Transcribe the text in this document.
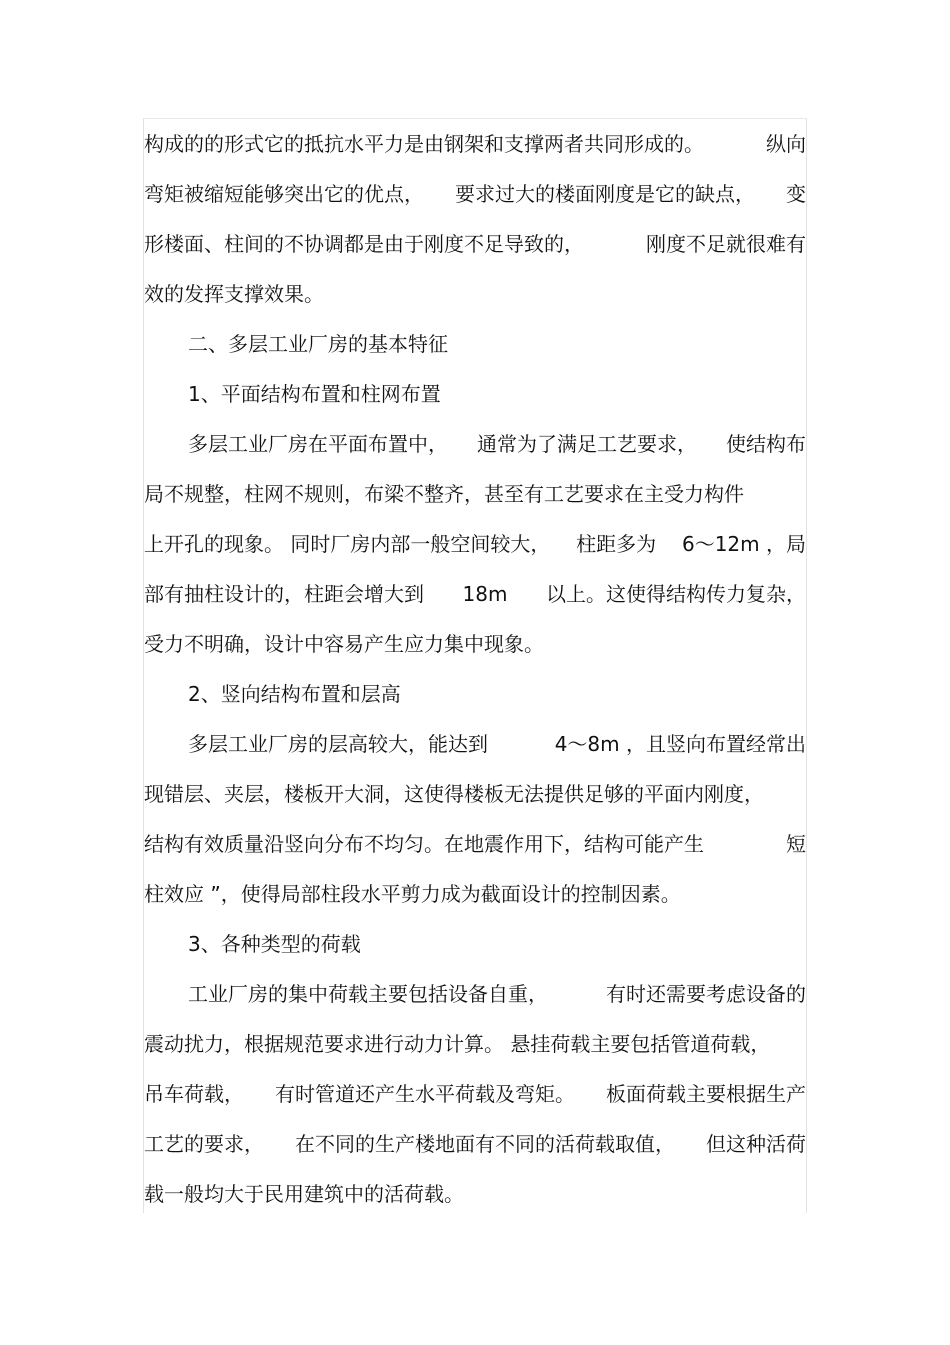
构成的的形式它的抵抗水平力是由钢架和支撑两者共同形成的。	纵向
弯矩被缩短能够突出它的优点， 要求过大的楼面刚度是它的缺点， 变
形楼面、柱间的不协调都是由于刚度不足导致的，	刚度不足就很难有
效的发挥支撑效果。
二、多层工业厂房的基本特征
1、平面结构布置和柱网布置
多层工业厂房在平面布置中， 通常为了满足工艺要求， 使结构布
局不规整，柱网不规则，布梁不整齐，甚至有工艺要求在主受力构件
上开孔的现象。 同时厂房内部一般空间较大， 柱距多为 6～12m ，局
部有抽柱设计的，柱距会增大到 18m 以上。这使得结构传力复杂，
受力不明确，设计中容易产生应力集中现象。
2、竖向结构布置和层高
多层工业厂房的层高较大，能达到	4～8m ，且竖向布置经常出
现错层、夹层，楼板开大洞，这使得楼板无法提供足够的平面内刚度，
结构有效质量沿竖向分布不均匀。在地震作用下，结构可能产生	短
柱效应 ”，使得局部柱段水平剪力成为截面设计的控制因素。
3、各种类型的荷载
工业厂房的集中荷载主要包括设备自重，	有时还需要考虑设备的
震动扰力，根据规范要求进行动力计算。 悬挂荷载主要包括管道荷载，
吊车荷载， 有时管道还产生水平荷载及弯矩。 板面荷载主要根据生产
工艺的要求， 在不同的生产楼地面有不同的活荷载取值， 但这种活荷
载一般均大于民用建筑中的活荷载。
